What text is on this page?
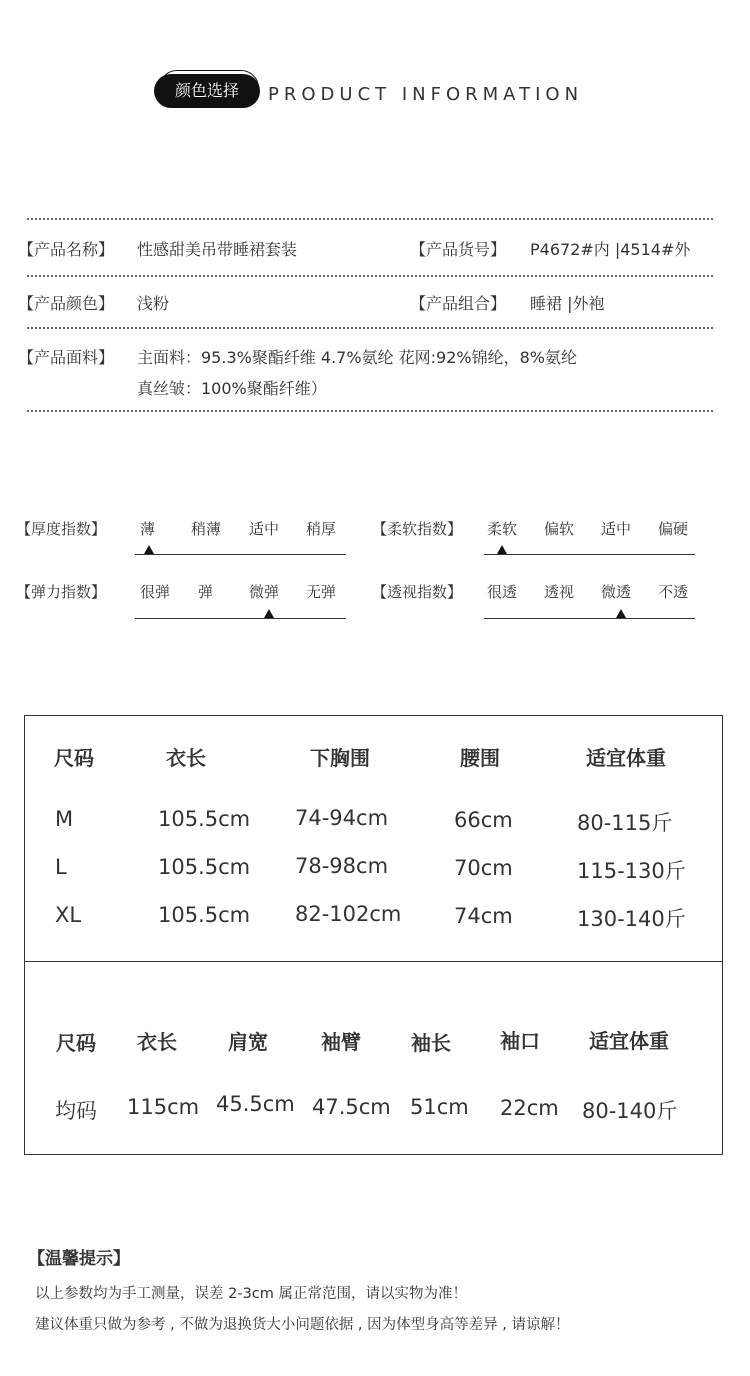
颜色选择	PRODUCT INFORMATION
【产品名称】 性感甜美吊带睡裙套装	【产品货号】 P4672#内 |4514#外
【产品颜色】 浅粉	【产品组合】 睡裙 |外袍
【产品面料】 主面料：95.3%聚酯纤维 4.7%氨纶 花网:92%锦纶，8%氨纶
真丝皱：100%聚酯纤维）
【厚度指数】 薄 稍薄 适中 稍厚 【柔软指数】 柔软 偏软 适中 偏硬
【弹力指数】 很弹 弹 微弹 无弹 【透视指数】 很透 透视 微透 不透
尺码	衣长	下胸围	腰围	适宜体重
M	105.5cm 74-94cm	66cm	80-115斤
L	105.5cm 78-98cm	70cm	115-130斤
XL	105.5cm 82-102cm	74cm	130-140斤
尺码 衣长	肩宽	袖臂	袖长 袖口 适宜体重
均码 115cm 45.5cm 47.5cm 51cm 22cm 80-140斤
【温馨提示】
以上参数均为手工测量，误差 2-3cm 属正常范围，请以实物为准！
建议体重只做为参考 , 不做为退换货大小问题依据 , 因为体型身高等差异 , 请谅解！
